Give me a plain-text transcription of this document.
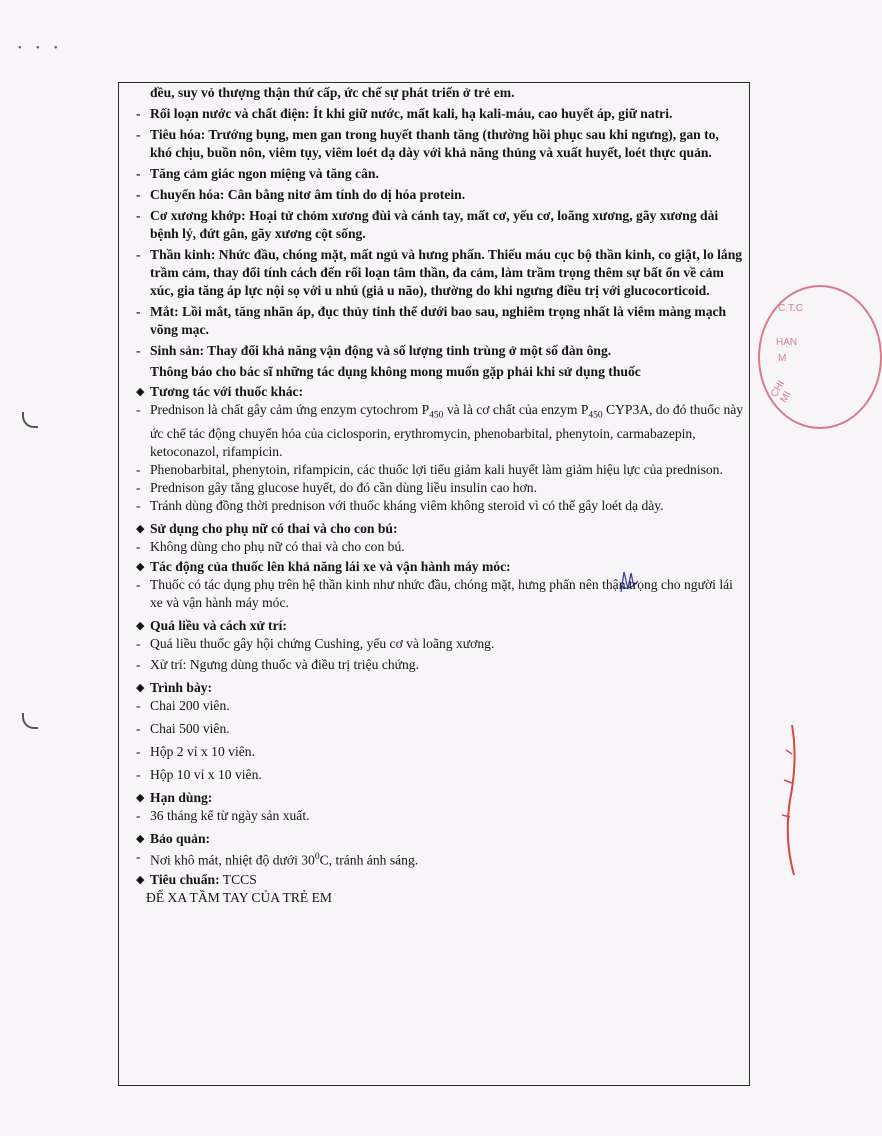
• • •
C.T.C
HẠN
M
CHI MI
đều, suy vỏ thượng thận thứ cấp, ức chế sự phát triển ở trẻ em.
- Rối loạn nước và chất điện: Ít khi giữ nước, mất kali, hạ kali-máu, cao huyết áp, giữ natri.
- Tiêu hóa: Trướng bụng, men gan trong huyết thanh tăng (thường hồi phục sau khi ngưng), gan to, khó chịu, buồn nôn, viêm tụy, viêm loét dạ dày với khả năng thủng và xuất huyết, loét thực quản.
- Tăng cảm giác ngon miệng và tăng cân.
- Chuyển hóa: Cân bằng nitơ âm tính do dị hóa protein.
- Cơ xương khớp: Hoại tử chỏm xương đùi và cánh tay, mất cơ, yếu cơ, loãng xương, gãy xương dài bệnh lý, đứt gân, gãy xương cột sống.
- Thần kinh: Nhức đầu, chóng mặt, mất ngủ và hưng phấn. Thiếu máu cục bộ thần kinh, co giật, lo lắng trầm cảm, thay đổi tính cách đến rối loạn tâm thần, đa cảm, làm trầm trọng thêm sự bất ổn về cảm xúc, gia tăng áp lực nội sọ với u nhú (giả u não), thường do khi ngưng điều trị với glucocorticoid.
- Mắt: Lồi mắt, tăng nhãn áp, đục thủy tinh thể dưới bao sau, nghiêm trọng nhất là viêm màng mạch võng mạc.
- Sinh sản: Thay đổi khả năng vận động và số lượng tinh trùng ở một số đàn ông.

Thông báo cho bác sĩ những tác dụng không mong muốn gặp phải khi sử dụng thuốc

◆ Tương tác với thuốc khác:
- Prednison là chất gây cảm ứng enzym cytochrom $P_{450}$ và là cơ chất của enzym $P_{450}$ CYP3A, do đó thuốc này ức chế tác động chuyển hóa của ciclosporin, erythromycin, phenobarbital, phenytoin, carmabazepin, ketoconazol, rifampicin.
- Phenobarbital, phenytoin, rifampicin, các thuốc lợi tiểu giảm kali huyết làm giảm hiệu lực của prednison.
- Prednison gây tăng glucose huyết, do đó cần dùng liều insulin cao hơn.
- Tránh dùng đồng thời prednison với thuốc kháng viêm không steroid vì có thể gây loét dạ dày.
◆ Sử dụng cho phụ nữ có thai và cho con bú:
- Không dùng cho phụ nữ có thai và cho con bú.
◆ Tác động của thuốc lên khả năng lái xe và vận hành máy móc:
- Thuốc có tác dụng phụ trên hệ thần kinh như nhức đầu, chóng mặt, hưng phấn nên thận trọng cho người lái xe và vận hành máy móc.
◆ Quá liều và cách xử trí:
- Quá liều thuốc gây hội chứng Cushing, yếu cơ và loãng xương.
- Xử trí: Ngưng dùng thuốc và điều trị triệu chứng.
◆ Trình bày:
- Chai 200 viên.
- Chai 500 viên.
- Hộp 2 vỉ x 10 viên.
- Hộp 10 vỉ x 10 viên.
◆ Hạn dùng:
- 36 tháng kể từ ngày sản xuất.
◆ Bảo quản:
- Nơi khô mát, nhiệt độ dưới $30^0C$, tránh ánh sáng.
◆ Tiêu chuẩn: TCCS

ĐỂ XA TẦM TAY CỦA TRẺ EM
